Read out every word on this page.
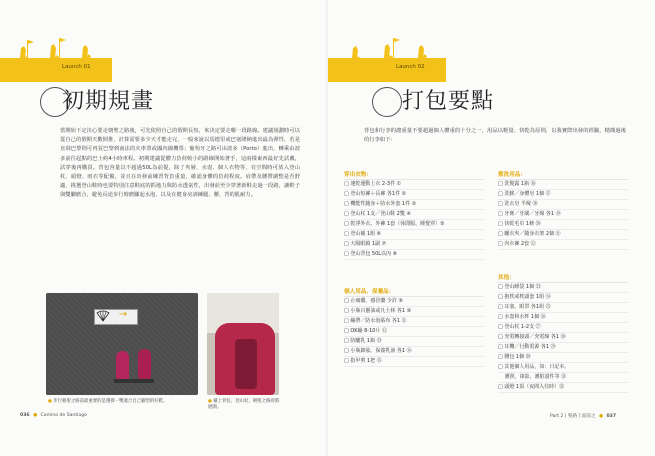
Launch 01
初期規畫
當開始下定決心要走朝聖之路後，可先依照自己的假期長短，來決定要走哪一段路線。建議規劃時可以從自己的假期天數倒推，計算需要多少天才能走完，一般來說以馬德里或巴塞隆納進出最為彈性，若是直飛巴黎則可再買巴黎到南法的火車票或國內線機票；葡萄牙之路可由波多（Porto）進出，轉乘由波多前往起點的巴士約4小時車程。初期建議從體力負荷較小的路線開始著手，這兩樣東西最好先試戴，試穿後再購買。背包容量以不超過50L為前提，除了夾層、水壺、個人衣物等，有空間時可放入登山杖、頭燈、雨衣等配備，並且在出發前練習背負重量，確認身體的負荷程度。肩帶及腰帶調整是否舒適，挑選登山鞋時也要特別注意鞋底的抓地力與防水透氣性，出發前至少穿著新鞋走過一段路，讓鞋子與雙腳磨合，避免長途步行時磨腳起水泡，以及在健身房訓練腿、腰、背的肌耐力。
→
● 步行朝聖之路前最重要的是選擇一雙適合自己腳型的好鞋。	● 戴上背包、登山杖，朝聖之路即將展開。
036 ● Camino de Santiago
Launch 02
打包要點
背包和行李的總重量不要超過個人體重的十分之一，用品以輕量、快乾為原則，以我實際出發的經驗，精簡過後的行李如下：
穿出衣物：
□ 速乾運動上衣 2-3件 ①
□ 登山短褲＋長褲 各1件 ②
□ 機能性隨身＋防水外套 1件 ③
□ 登山杖 1支／登山鞋 2雙 ④
□ 乾淨外衣、外褲 1套（休閒服、睡覺穿）⑤
□ 登山襪 1組 ⑥
□ 大陽眼鏡 1副 ⑦
□ 登山背包 50L以內 ⑧
個人用品、保養品：
□ 止痛藥、感冒藥 少許 ⑨
□ 小瓶百靈油或凡士林 各1 ⑩
□ 繃帶／防水泡貼布 各1 ⑪
□ OK繃 8-10片 ⑫
□ 防曬乳 1瓶 ⑬
□ 小瓶卸妝、保養乳液 各1 ⑭
□ 指甲剪 1把 ⑮
盥洗用品：
□ 洗髮露 1瓶 ⑯
□ 洗臉／身體皂 1個 ⑰
□ 洗衣皂 半塊 ⑱
□ 牙膏／牙刷／牙線 各1 ⑲
□ 快乾毛巾 1條 ⑳
□ 曬衣夾／隨身衣架 2個 ㉑
□ 內衣褲 2套 ㉒
其他：
□ 登山睡袋 1個 ㉓
□ 抱枕或枕頭套 1組 ㉔
□ 耳塞、眼罩 各1組 ㉕
□ 水壺和水杯 1個 ㉖
□ 登山杖 1-2支 ㉗
□ 充電轉接頭／充電線 各1 ㉘
□ 耳機／行動電源 各1 ㉙
□ 腰包 1個 ㉚
□ 其他個人用品，如：日記本、
　 護照、祿影、護駐證件等 ㉛
□ 頭燈 1頂（夜間入住時）㉜
Part 2 | 聖路上面前之 ● 037
